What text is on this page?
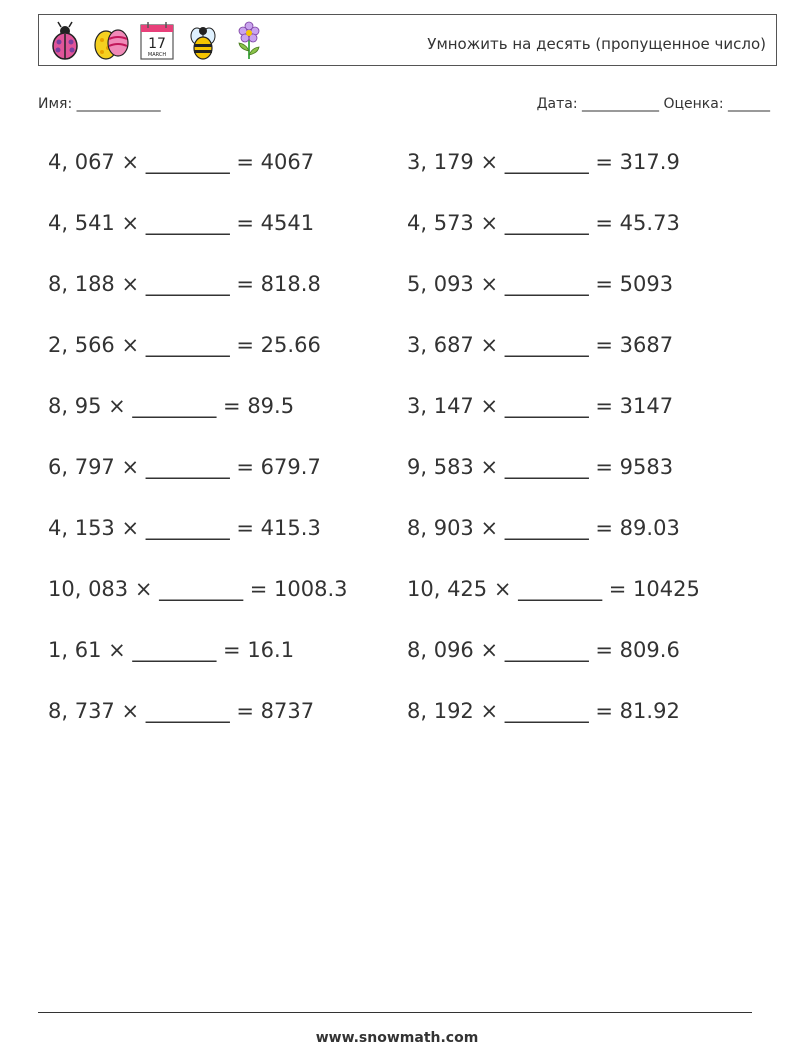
17
MARCH
Умножить на десять (пропущенное число)
Имя: ____________	Дата: ___________ Оценка: ______
4, 067 × ________ = 4067
4, 541 × ________ = 4541
8, 188 × ________ = 818.8
2, 566 × ________ = 25.66
8, 95 × ________ = 89.5
6, 797 × ________ = 679.7
4, 153 × ________ = 415.3
10, 083 × ________ = 1008.3
1, 61 × ________ = 16.1
8, 737 × ________ = 8737
3, 179 × ________ = 317.9
4, 573 × ________ = 45.73
5, 093 × ________ = 5093
3, 687 × ________ = 3687
3, 147 × ________ = 3147
9, 583 × ________ = 9583
8, 903 × ________ = 89.03
10, 425 × ________ = 10425
8, 096 × ________ = 809.6
8, 192 × ________ = 81.92
www.snowmath.com
